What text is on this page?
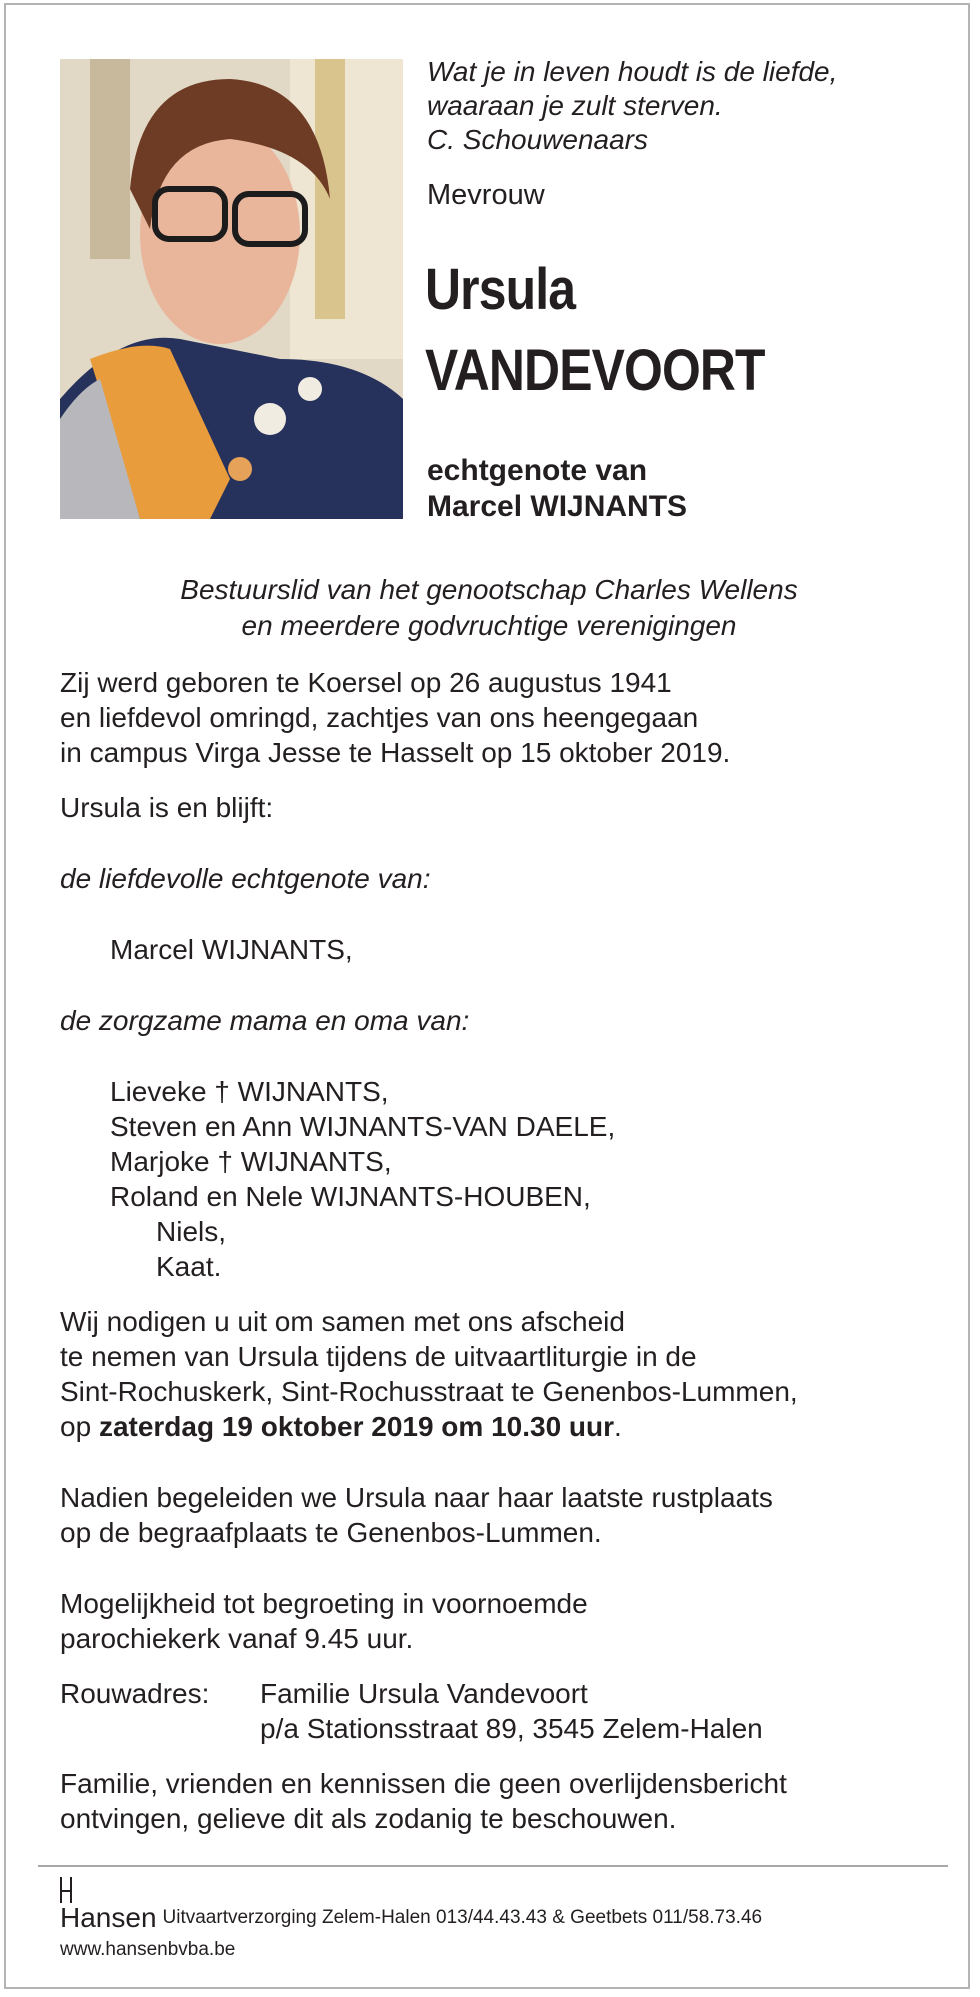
Wat je in leven houdt is de liefde,
waaraan je zult sterven.
C. Schouwenaars
Mevrouw
Ursula
VANDEVOORT
echtgenote van
Marcel WIJNANTS
Bestuurslid van het genootschap Charles Wellens
en meerdere godvruchtige verenigingen
Zij werd geboren te Koersel op 26 augustus 1941
en liefdevol omringd, zachtjes van ons heengegaan
in campus Virga Jesse te Hasselt op 15 oktober 2019.
Ursula is en blijft:
de liefdevolle echtgenote van:
Marcel WIJNANTS,
de zorgzame mama en oma van:
Lieveke † WIJNANTS,
Steven en Ann WIJNANTS-VAN DAELE,
Marjoke † WIJNANTS,
Roland en Nele WIJNANTS-HOUBEN,
Niels,
Kaat.
Wij nodigen u uit om samen met ons afscheid
te nemen van Ursula tijdens de uitvaartliturgie in de
Sint-Rochuskerk, Sint-Rochusstraat te Genenbos-Lummen,
op zaterdag 19 oktober 2019 om 10.30 uur.
Nadien begeleiden we Ursula naar haar laatste rustplaats
op de begraafplaats te Genenbos-Lummen.
Mogelijkheid tot begroeting in voornoemde
parochiekerk vanaf 9.45 uur.
Rouwadres:	Familie Ursula Vandevoort
p/a Stationsstraat 89, 3545 Zelem-Halen
Familie, vrienden en kennissen die geen overlijdensbericht
ontvingen, gelieve dit als zodanig te beschouwen.
Hansen Uitvaartverzorging Zelem-Halen 013/44.43.43 & Geetbets 011/58.73.46
www.hansenbvba.be
